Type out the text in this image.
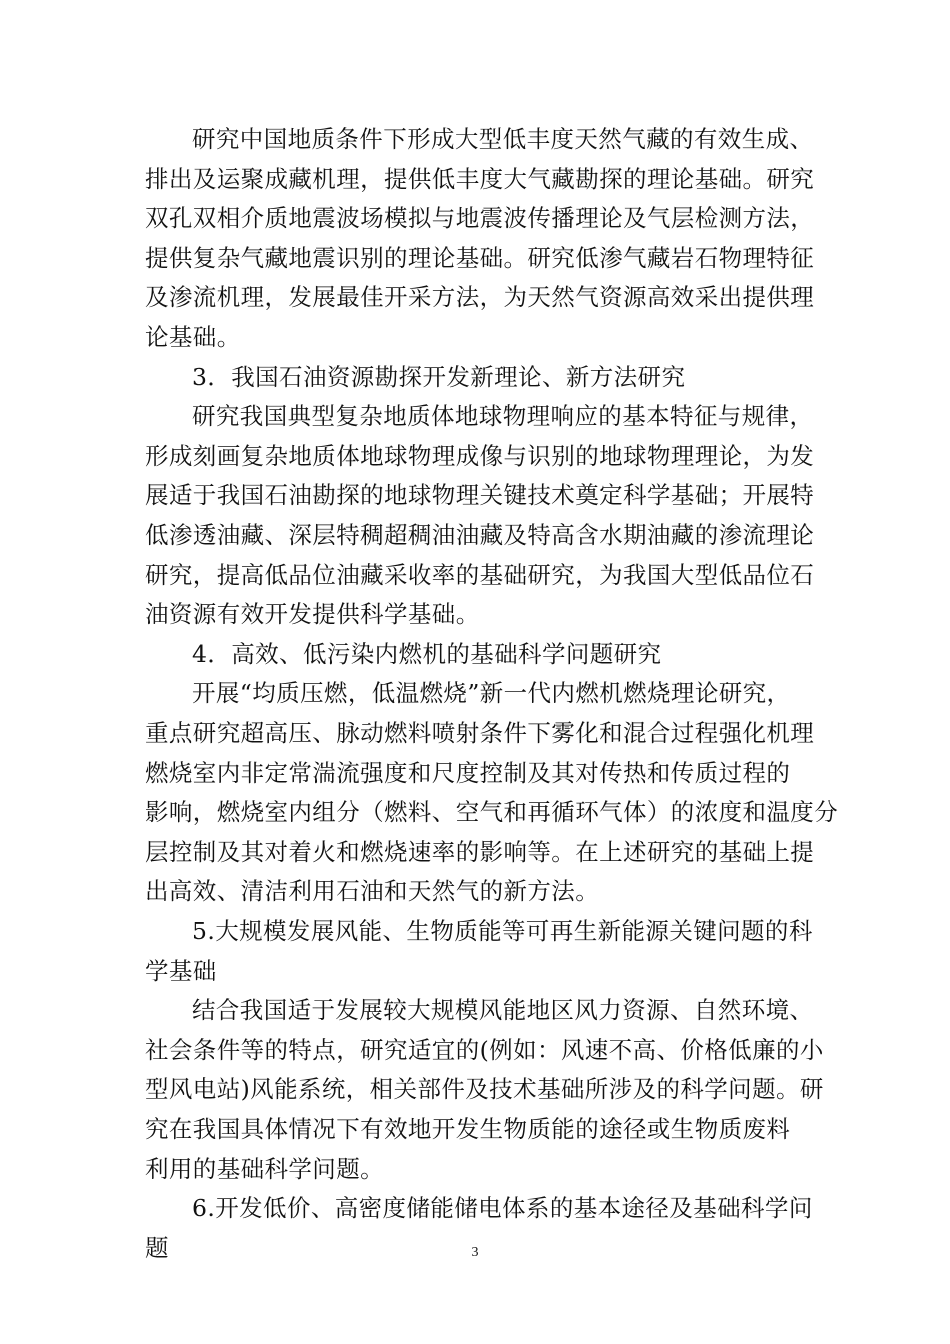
研究中国地质条件下形成大型低丰度天然气藏的有效生成、
排出及运聚成藏机理，提供低丰度大气藏勘探的理论基础。研究
双孔双相介质地震波场模拟与地震波传播理论及气层检测方法，
提供复杂气藏地震识别的理论基础。研究低渗气藏岩石物理特征
及渗流机理，发展最佳开采方法，为天然气资源高效采出提供理
论基础。
3．我国石油资源勘探开发新理论、新方法研究
研究我国典型复杂地质体地球物理响应的基本特征与规律，
形成刻画复杂地质体地球物理成像与识别的地球物理理论，为发
展适于我国石油勘探的地球物理关键技术奠定科学基础；开展特
低渗透油藏、深层特稠超稠油油藏及特高含水期油藏的渗流理论
研究，提高低品位油藏采收率的基础研究，为我国大型低品位石
油资源有效开发提供科学基础。
4．高效、低污染内燃机的基础科学问题研究
开展“均质压燃，低温燃烧”新一代内燃机燃烧理论研究，
重点研究超高压、脉动燃料喷射条件下雾化和混合过程强化机理
燃烧室内非定常湍流强度和尺度控制及其对传热和传质过程的
影响，燃烧室内组分（燃料、空气和再循环气体）的浓度和温度分
层控制及其对着火和燃烧速率的影响等。在上述研究的基础上提
出高效、清洁利用石油和天然气的新方法。
5.大规模发展风能、生物质能等可再生新能源关键问题的科
学基础
结合我国适于发展较大规模风能地区风力资源、自然环境、
社会条件等的特点，研究适宜的(例如：风速不高、价格低廉的小
型风电站)风能系统，相关部件及技术基础所涉及的科学问题。研
究在我国具体情况下有效地开发生物质能的途径或生物质废料
利用的基础科学问题。
6.开发低价、高密度储能储电体系的基本途径及基础科学问
题	3
